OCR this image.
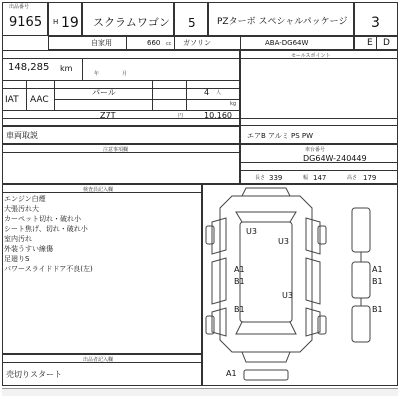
出品番号
9165 H 19 スクラムワゴン 5 PZターボ スペシャルパッケージ 3
自家用	660 cc ガソリン	ABA-DG64W	E D
148,285 km
年	月
IAT AAC
パール	4 人
kg
Z7T	円	10,160
セールスポイント
車両取説	エアB アルミ PS PW
注意事項欄	車台番号
DG64W-240449
長さ 339	幅 147	高さ 179
検査員記入欄
エンジン白煙
大張汚れ大
カーペット切れ・破れ小
シート焦げ、切れ・破れ小
室内汚れ
外装うすい線傷
足廻りS
パワースライドドア不良(左)
U3
U3
A1
B1
B1
A1
B1
B1
U3
A1
出品者記入欄
売切りスタート
